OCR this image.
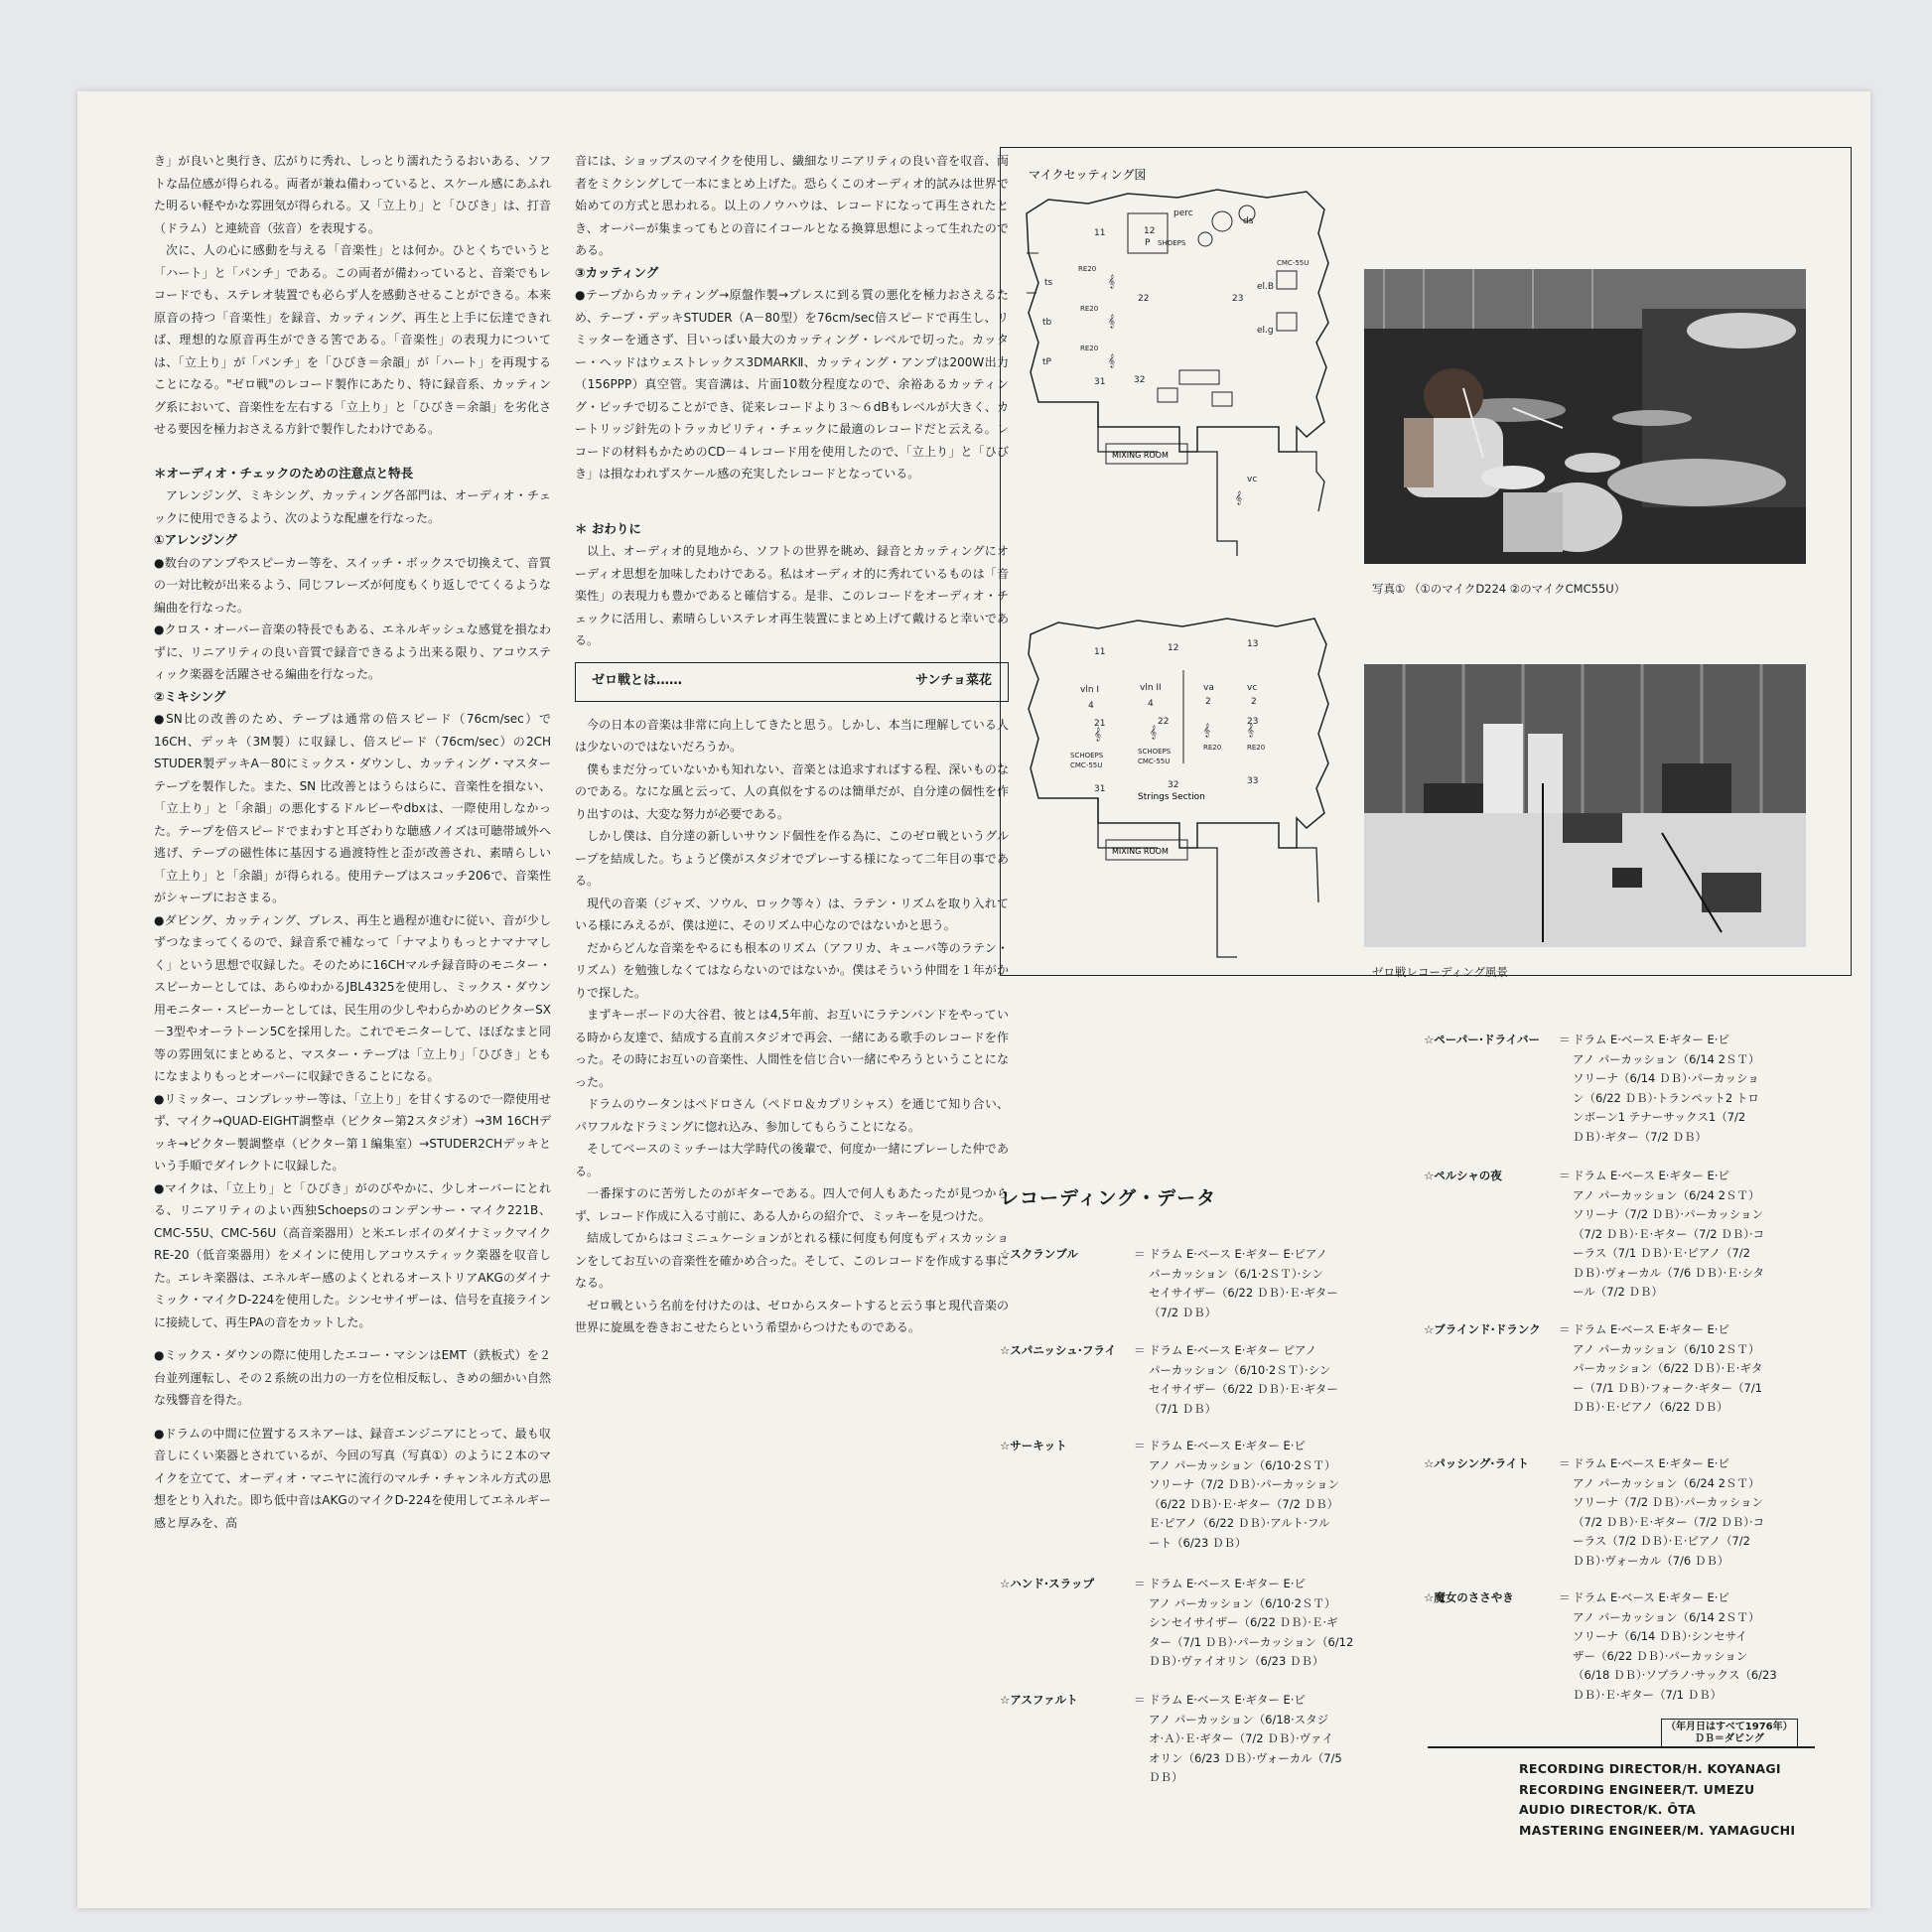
き」が良いと奥行き、広がりに秀れ、しっとり濡れたうるおいある、ソフトな品位感が得られる。両者が兼ね備わっていると、スケール感にあふれた明るい軽やかな雰囲気が得られる。又「立上り」と「ひびき」は、打音（ドラム）と連続音（弦音）を表現する。

次に、人の心に感動を与える「音楽性」とは何か。ひとくちでいうと「ハート」と「パンチ」である。この両者が備わっていると、音楽でもレコードでも、ステレオ装置でも必らず人を感動させることができる。本来原音の持つ「音楽性」を録音、カッティング、再生と上手に伝達できれば、理想的な原音再生ができる筈である。「音楽性」の表現力については、「立上り」が「パンチ」を「ひびき＝余韻」が「ハート」を再現することになる。"ゼロ戦"のレコード製作にあたり、特に録音系、カッティング系において、音楽性を左右する「立上り」と「ひびき＝余韻」を劣化させる要因を極力おさえる方針で製作したわけである。

＊オーディオ・チェックのための注意点と特長

アレンジング、ミキシング、カッティング各部門は、オーディオ・チェックに使用できるよう、次のような配慮を行なった。

①アレンジング

●数台のアンプやスピーカー等を、スイッチ・ボックスで切換えて、音質の一対比較が出来るよう、同じフレーズが何度もくり返しでてくるような編曲を行なった。

●クロス・オーバー音楽の特長でもある、エネルギッシュな感覚を損なわずに、リニアリティの良い音質で録音できるよう出来る限り、アコウスティック楽器を活躍させる編曲を行なった。

②ミキシング

●SN比の改善のため、テープは通常の倍スピード（76cm/sec）で16CH、デッキ（3M製）に収録し、倍スピード（76cm/sec）の2CH STUDER製デッキA－80にミックス・ダウンし、カッティング・マスターテープを製作した。また、SN 比改善とはうらはらに、音楽性を損ない、「立上り」と「余韻」の悪化するドルビーやdbxは、一際使用しなかった。テープを倍スピードでまわすと耳ざわりな聴感ノイズは可聴帯域外へ逃げ、テープの磁性体に基因する過渡特性と歪が改善され、素晴らしい「立上り」と「余韻」が得られる。使用テープはスコッチ206で、音楽性がシャープにおさまる。

●ダビング、カッティング、プレス、再生と過程が進むに従い、音が少しずつなまってくるので、録音系で補なって「ナマよりもっとナマナマしく」という思想で収録した。そのために16CHマルチ録音時のモニター・スピーカーとしては、あらゆわかるJBL4325を使用し、ミックス・ダウン用モニター・スピーカーとしては、民生用の少しやわらかめのビクターSX－3型やオーラトーン5Cを採用した。これでモニターして、ほぼなまと同等の雰囲気にまとめると、マスター・テープは「立上り」「ひびき」ともになまよりもっとオーバーに収録できることになる。

●リミッター、コンプレッサー等は、「立上り」を甘くするので一際使用せず、マイク→QUAD-EIGHT調整卓（ビクター第2スタジオ）→3M 16CHデッキ→ビクター製調整卓（ビクター第１編集室）→STUDER2CHデッキという手順でダイレクトに収録した。

●マイクは、「立上り」と「ひびき」がのびやかに、少しオーバーにとれる、リニアリティのよい西独Schoepsのコンデンサー・マイク221B、CMC-55U、CMC-56U（高音楽器用）と米エレボイのダイナミックマイクRE-20（低音楽器用）をメインに使用しアコウスティック楽器を収音した。エレキ楽器は、エネルギー感のよくとれるオーストリアAKGのダイナミック・マイクD-224を使用した。シンセサイザーは、信号を直接ラインに接続して、再生PAの音をカットした。

●ミックス・ダウンの際に使用したエコー・マシンはEMT（鉄板式）を２台並列運転し、その２系統の出力の一方を位相反転し、きめの細かい自然な残響音を得た。

●ドラムの中間に位置するスネアーは、録音エンジニアにとって、最も収音しにくい楽器とされているが、今回の写真（写真①）のように２本のマイクを立てて、オーディオ・マニヤに流行のマルチ・チャンネル方式の思想をとり入れた。即ち低中音はAKGのマイクD-224を使用してエネルギー感と厚みを、高

音には、ショップスのマイクを使用し、繊細なリニアリティの良い音を収音、両者をミクシングして一本にまとめ上げた。恐らくこのオーディオ的試みは世界で始めての方式と思われる。以上のノウハウは、レコードになって再生されたとき、オーバーが集まってもとの音にイコールとなる換算思想によって生れたのである。

③カッティング

●テープからカッティング→原盤作製→プレスに到る質の悪化を極力おさえるため、テープ・デッキSTUDER（A－80型）を76cm/sec倍スピードで再生し、リミッターを通さず、目いっぱい最大のカッティング・レベルで切った。カッター・ヘッドはウェストレックス3DMARKⅡ、カッティング・アンプは200W出力（156PPP）真空管。実音溝は、片面10数分程度なので、余裕あるカッティング・ピッチで切ることができ、従来レコードより３～６dBもレベルが大きく、カートリッジ針先のトラッカビリティ・チェックに最適のレコードだと云える。レコードの材料もかためのCD－４レコード用を使用したので、「立上り」と「ひびき」は損なわれずスケール感の充実したレコードとなっている。

＊ おわりに

以上、オーディオ的見地から、ソフトの世界を眺め、録音とカッティングにオーディオ思想を加味したわけである。私はオーディオ的に秀れているものは「音楽性」の表現力も豊かであると確信する。是非、このレコードをオーディオ・チェックに活用し、素晴らしいステレオ再生装置にまとめ上げて戴けると幸いである。

ゼロ戦とは……	サンチョ菜花

今の日本の音楽は非常に向上してきたと思う。しかし、本当に理解している人は少ないのではないだろうか。

僕もまだ分っていないかも知れない、音楽とは追求すればする程、深いものなのである。なにな風と云って、人の真似をするのは簡単だが、自分達の個性を作り出すのは、大変な努力が必要である。

しかし僕は、自分達の新しいサウンド個性を作る為に、このゼロ戦というグループを結成した。ちょうど僕がスタジオでプレーする様になって二年目の事である。

現代の音楽（ジャズ、ソウル、ロック等々）は、ラテン・リズムを取り入れている様にみえるが、僕は逆に、そのリズム中心なのではないかと思う。

だからどんな音楽をやるにも根本のリズム（アフリカ、キューバ等のラテン・リズム）を勉強しなくてはならないのではないか。僕はそういう仲間を１年がかりで探した。

まずキーボードの大谷君、彼とは4,5年前、お互いにラテンバンドをやっている時から友達で、結成する直前スタジオで再会、一緒にある歌手のレコードを作った。その時にお互いの音楽性、人間性を信じ合い一緒にやろうということになった。

ドラムのウータンはペドロさん（ペドロ＆カプリシャス）を通じて知り合い、パワフルなドラミングに惚れ込み、参加してもらうことになる。

そしてベースのミッチーは大学時代の後輩で、何度か一緒にプレーした仲である。

一番探すのに苦労したのがギターである。四人で何人もあたったが見つからず、レコード作成に入る寸前に、ある人からの紹介で、ミッキーを見つけた。

結成してからはコミニュケーションがとれる様に何度も何度もディスカッションをしてお互いの音楽性を確かめ合った。そして、このレコードを作成する事になる。

ゼロ戦という名前を付けたのは、ゼロからスタートすると云う事と現代音楽の世界に旋風を巻きおこせたらという希望からつけたものである。

マイクセッティング図
MIXING ROOM
11	12
P
perc
ds
22	23
ts
tb
tP
31	32
el.B
el.g
vc
RE20
RE20
RE20
CMC-55U
SHOEPS
𝄞
𝄞
𝄞
𝄞
写真① （①のマイクD224 ②のマイクCMC55U）
MIXING ROOM
Strings Section
11	12	13
21	22	23
31	32	33
vln I	vln II	va	vc
4	4	2	2
SCHOEPS
CMC-55U
SCHOEPS
CMC-55U
RE20	RE20
𝄞	𝄞	𝄞	𝄞
ゼロ戦レコーディング風景
レコーディング・データ
☆スクランブル	＝ ドラム E·ベース E·ギター E·ピアノ
パーカッション（6/1·2ＳＴ）·シン
セイサイザー（6/22 ＤＢ）·Ｅ·ギター
（7/2 ＤＢ）
☆スパニッシュ·フライ ＝ ドラム E·ベース E·ギター ピアノ
パーカッション（6/10·2ＳＴ）·シン
セイサイザー（6/22 ＤＢ）·Ｅ·ギター
（7/1 ＤＢ）
☆サーキット	＝ ドラム E·ベース E·ギター E·ピ
アノ パーカッション（6/10·2ＳＴ）
ソリーナ（7/2 ＤＢ）·パーカッション
（6/22 ＤＢ）·Ｅ·ギター（7/2 ＤＢ）
Ｅ·ピアノ（6/22 ＤＢ）·アルト·フル
ート（6/23 ＤＢ）
☆ハンド·スラップ	＝ ドラム E·ベース E·ギター E·ピ
アノ パーカッション（6/10·2ＳＴ）
シンセイサイザー（6/22 ＤＢ）·Ｅ·ギ
ター（7/1 ＤＢ）·パーカッション（6/12
ＤＢ）·ヴァイオリン（6/23 ＤＢ）
☆アスファルト	＝ ドラム E·ベース E·ギター E·ピ
アノ パーカッション（6/18·スタジ
オ·Ａ）·Ｅ·ギター（7/2 ＤＢ）·ヴァイ
オリン（6/23 ＤＢ）·ヴォーカル（7/5
ＤＢ）
☆ペーパー·ドライバー ＝ ドラム E·ベース E·ギター E·ピ
アノ パーカッション（6/14 2ＳＴ）
ソリーナ（6/14 ＤＢ）·パーカッショ
ン（6/22 ＤＢ）·トランペット2 トロ
ンボーン1 テナーサックス1（7/2
ＤＢ）·ギター（7/2 ＤＢ）
☆ペルシャの夜	＝ ドラム E·ベース E·ギター E·ピ
アノ パーカッション（6/24 2ＳＴ）
ソリーナ（7/2 ＤＢ）·パーカッション
（7/2 ＤＢ）·Ｅ·ギター（7/2 ＤＢ）·コ
ーラス（7/1 ＤＢ）·Ｅ·ピアノ（7/2
ＤＢ）·ヴォーカル（7/6 ＤＢ）·Ｅ·シタ
ール（7/2 ＤＢ）
☆ブラインド·ドランク ＝ ドラム E·ベース E·ギター E·ピ
アノ パーカッション（6/10 2ＳＴ）
パーカッション（6/22 ＤＢ）·Ｅ·ギタ
ー（7/1 ＤＢ）·フォーク·ギター（7/1
ＤＢ）·Ｅ·ピアノ（6/22 ＤＢ）
☆パッシング·ライト	＝ ドラム E·ベース E·ギター E·ピ
アノ パーカッション（6/24 2ＳＴ）
ソリーナ（7/2 ＤＢ）·パーカッション
（7/2 ＤＢ）·Ｅ·ギター（7/2 ＤＢ）·コ
ーラス（7/2 ＤＢ）·Ｅ·ピアノ（7/2
ＤＢ）·ヴォーカル（7/6 ＤＢ）
☆魔女のささやき	＝ ドラム E·ベース E·ギター E·ピ
アノ パーカッション（6/14 2ＳＴ）
ソリーナ（6/14 ＤＢ）·シンセサイ
ザー（6/22 ＤＢ）·パーカッション
（6/18 ＤＢ）·ソプラノ·サックス（6/23
ＤＢ）·Ｅ·ギター（7/1 ＤＢ）
（年月日はすべて1976年）
ＤＢ＝ダビング
RECORDING DIRECTOR/H. KOYANAGI
RECORDING ENGINEER/T. UMEZU
AUDIO DIRECTOR/K. ŌTA
MASTERING ENGINEER/M. YAMAGUCHI
